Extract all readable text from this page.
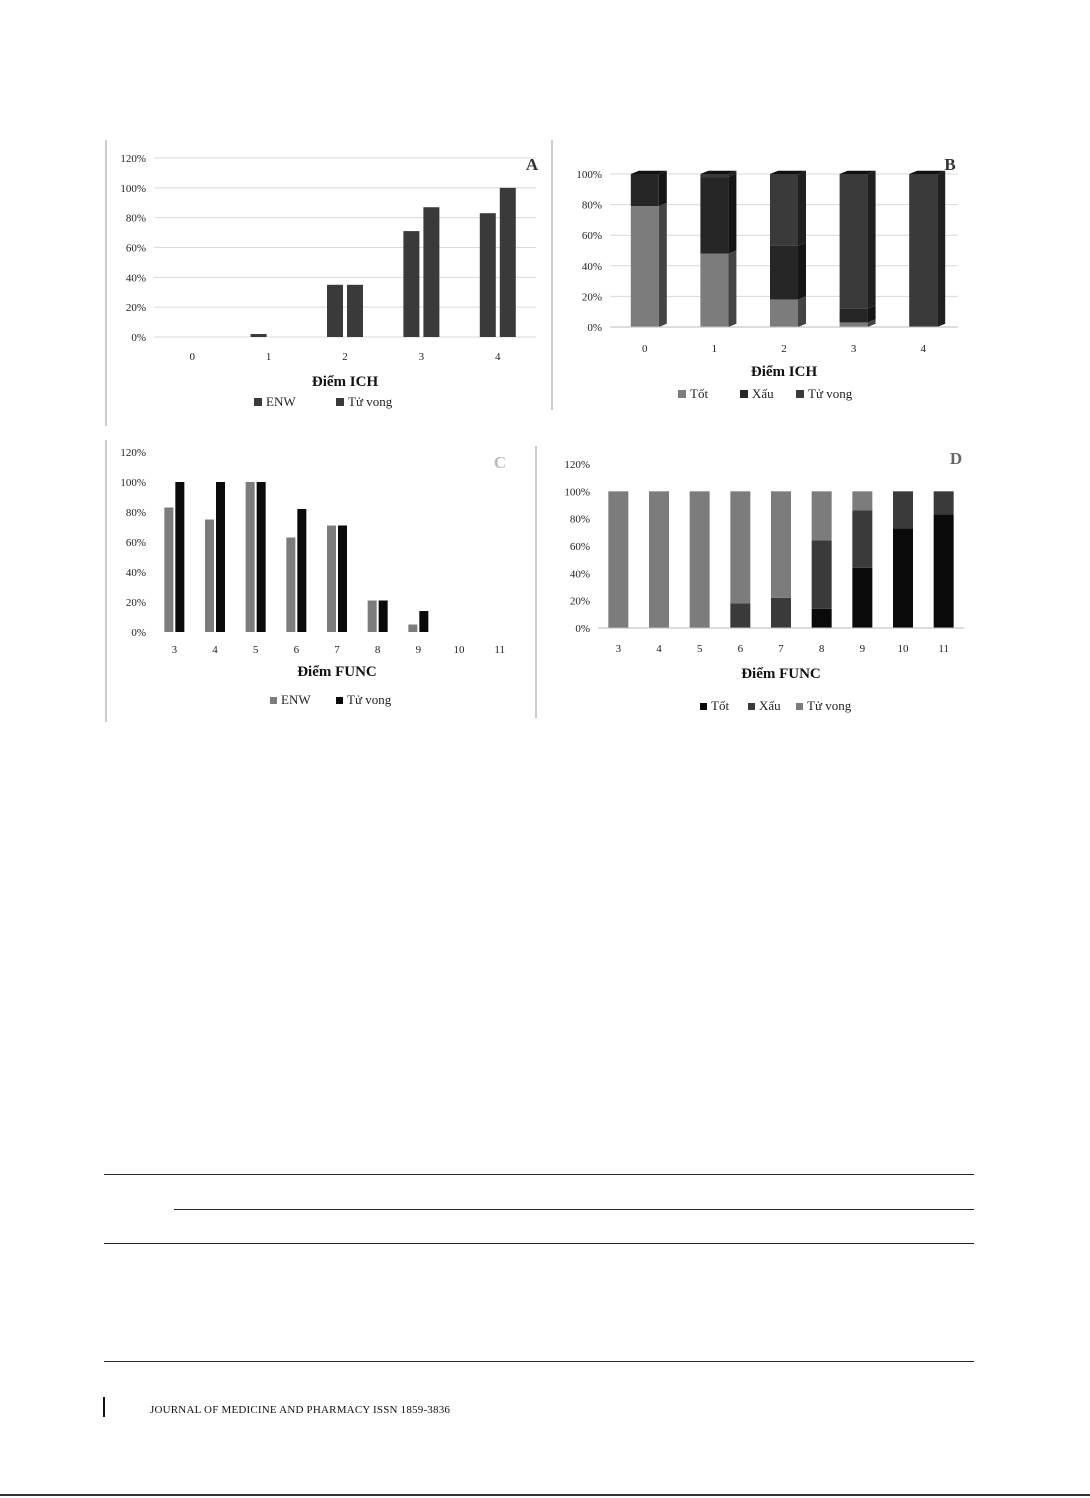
0%
20%
40%
60%
80%
100%
120%
0	1	2	3	4
Điểm ICH
A
ENW	Tử vong
0%
20%
40%
60%
80%
100%
0	1	2	3	4
Điểm ICH
B
Tốt	Xấu	Tử vong
0%
20%
40%
60%
80%
100%
120%
3	4	5	6	7	8	9	10	11
Điểm FUNC
C
ENW	Tử vong
0%
20%
40%
60%
80%
100%
120%
3	4	5	6	7	8	9	10	11
Điểm FUNC
D
Tốt Xấu Tử vong
JOURNAL OF MEDICINE AND PHARMACY ISSN 1859-3836
